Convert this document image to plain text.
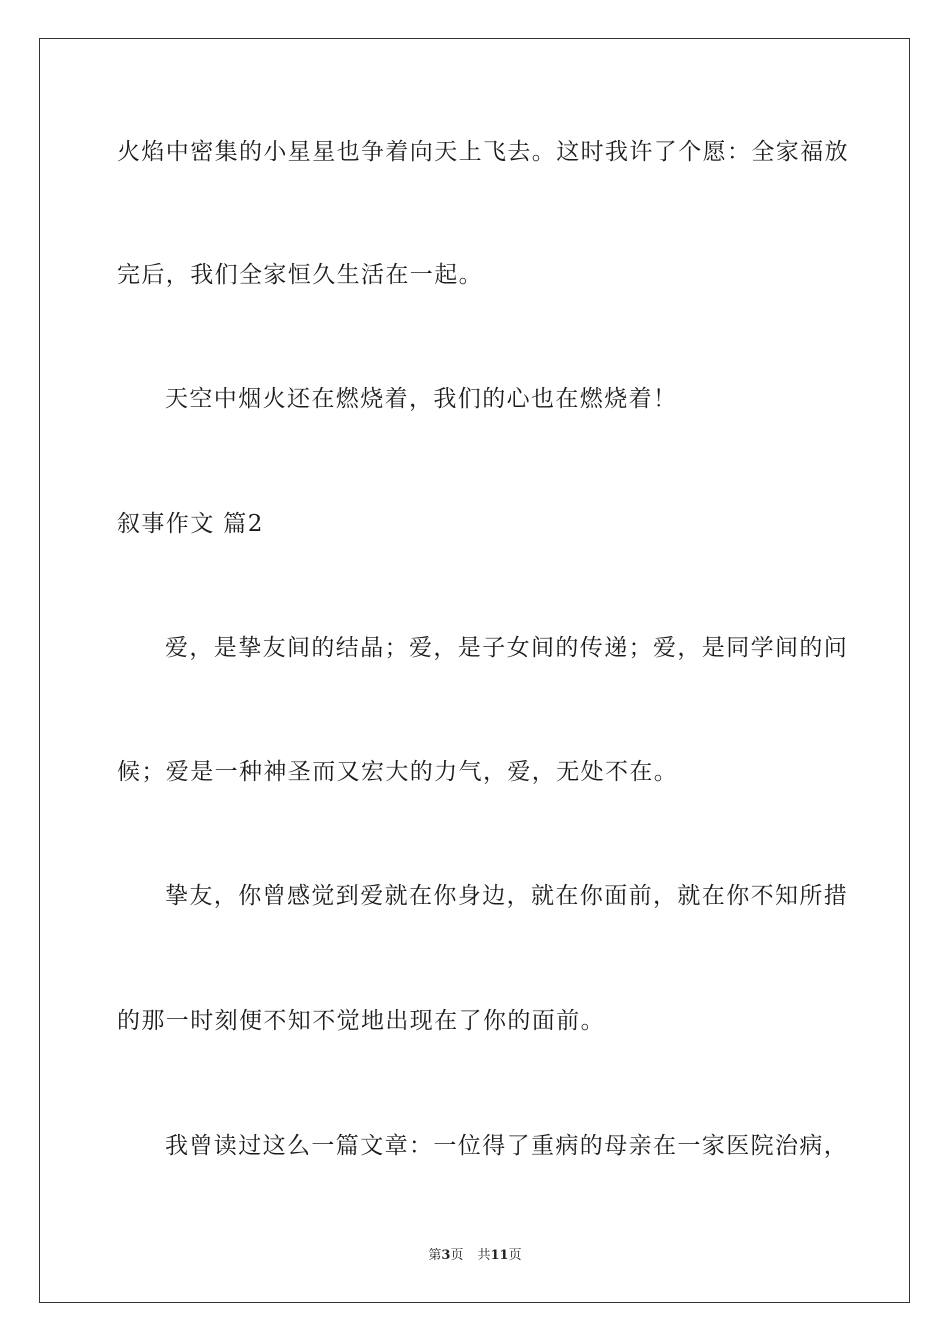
火焰中密集的小星星也争着向天上飞去。这时我许了个愿：全家福放
完后，我们全家恒久生活在一起。
天空中烟火还在燃烧着，我们的心也在燃烧着！
叙事作文 篇2
爱，是挚友间的结晶；爱，是子女间的传递；爱，是同学间的问
候；爱是一种神圣而又宏大的力气，爱，无处不在。
挚友，你曾感觉到爱就在你身边，就在你面前，就在你不知所措
的那一时刻便不知不觉地出现在了你的面前。
我曾读过这么一篇文章：一位得了重病的母亲在一家医院治病，
第3页 共11页
